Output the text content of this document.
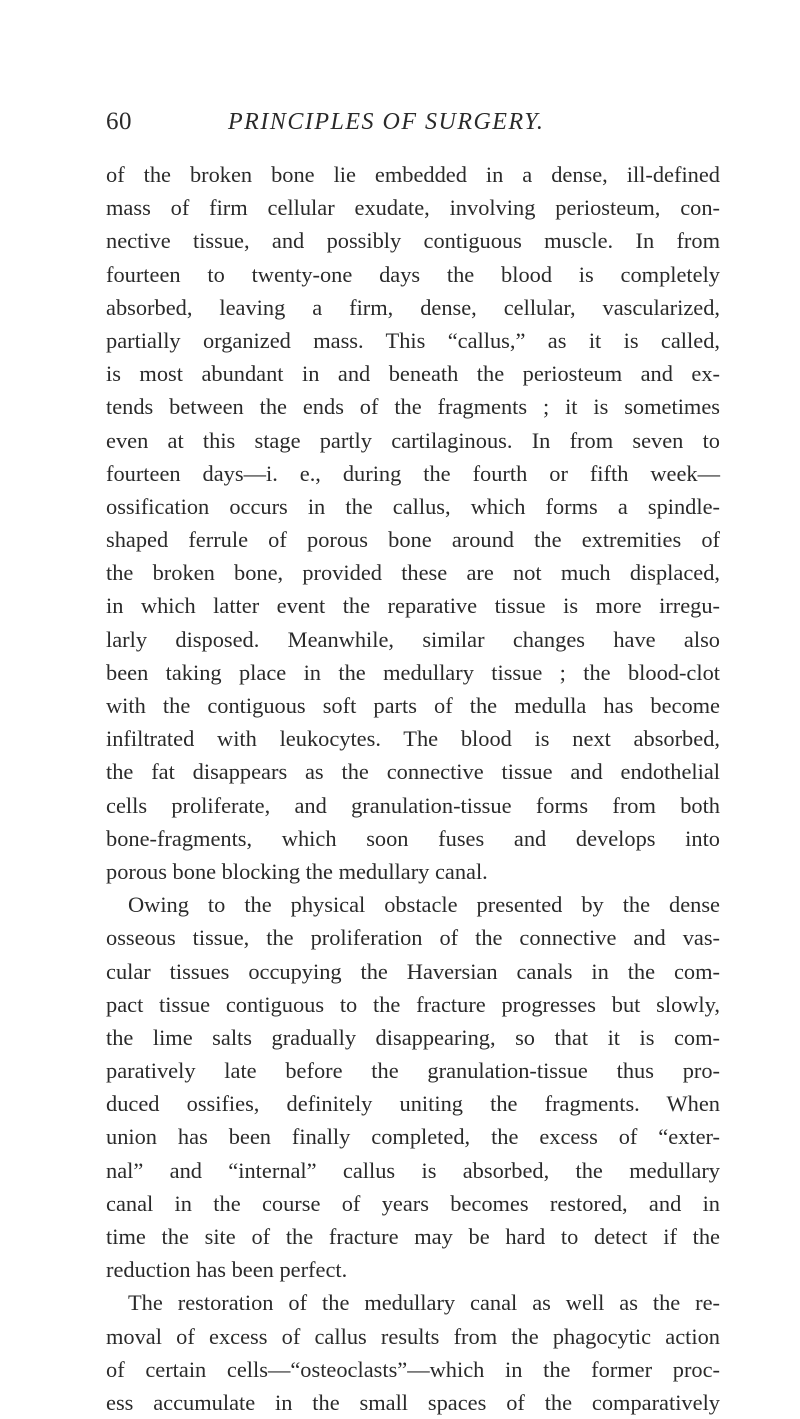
60	PRINCIPLES OF SURGERY.
of the broken bone lie embedded in a dense, ill-defined
mass of firm cellular exudate, involving periosteum, con-
nective tissue, and possibly contiguous muscle. In from
fourteen to twenty-one days the blood is completely
absorbed, leaving a firm, dense, cellular, vascularized,
partially organized mass. This “callus,” as it is called,
is most abundant in and beneath the periosteum and ex-
tends between the ends of the fragments ; it is sometimes
even at this stage partly cartilaginous. In from seven to
fourteen days—i. e., during the fourth or fifth week—
ossification occurs in the callus, which forms a spindle-
shaped ferrule of porous bone around the extremities of
the broken bone, provided these are not much displaced,
in which latter event the reparative tissue is more irregu-
larly disposed. Meanwhile, similar changes have also
been taking place in the medullary tissue ; the blood-clot
with the contiguous soft parts of the medulla has become
infiltrated with leukocytes. The blood is next absorbed,
the fat disappears as the connective tissue and endothelial
cells proliferate, and granulation-tissue forms from both
bone-fragments, which soon fuses and develops into
porous bone blocking the medullary canal.
Owing to the physical obstacle presented by the dense
osseous tissue, the proliferation of the connective and vas-
cular tissues occupying the Haversian canals in the com-
pact tissue contiguous to the fracture progresses but slowly,
the lime salts gradually disappearing, so that it is com-
paratively late before the granulation-tissue thus pro-
duced ossifies, definitely uniting the fragments. When
union has been finally completed, the excess of “exter-
nal” and “internal” callus is absorbed, the medullary
canal in the course of years becomes restored, and in
time the site of the fracture may be hard to detect if the
reduction has been perfect.
The restoration of the medullary canal as well as the re-
moval of excess of callus results from the phagocytic action
of certain cells—“osteoclasts”—which in the former proc-
ess accumulate in the small spaces of the comparatively
